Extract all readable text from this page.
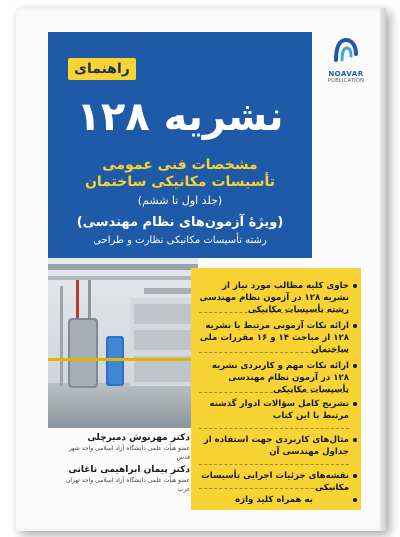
راهنمای
نشریه ۱۲۸
مشخصات فنی عمومی
تأسیسات مکانیکی ساختمان
(جلد اول تا ششم)
(ویژهٔ آزمون‌های نظام مهندسی)
رشته تأسیسات مکانیکی نظارت و طراحی
NOAVAR
PUBLICATION
حاوی کلیه مطالب مورد نیاز از نشریه ۱۲۸ در آزمون نظام مهندسی رشته تأسیسات مکانیکی
ارائه نکات آزمونی مرتبط با نشریه ۱۲۸ از مباحث ۱۴ و ۱۶ مقررات ملی ساختمان
ارائه نکات مهم و کاربردی نشریه ۱۲۸ در آزمون نظام مهندسی تأسیسات مکانیکی
تشریح کامل سؤالات ادوار گذشته مرتبط با این کتاب
مثال‌های کاربردی جهت استفاده از جداول مهندسی آن
نقشه‌های جزئیات اجرایی تأسیسات مکانیکی
به همراه کلید واژه
دکتر مهرنوش دمیرچلی
عضو هیأت علمی دانشگاه آزاد اسلامی واحد شهر قدس
دکتر پیمان ابراهیمی ناغانی
عضو هیأت علمی دانشگاه آزاد اسلامی واحد تهران غرب
